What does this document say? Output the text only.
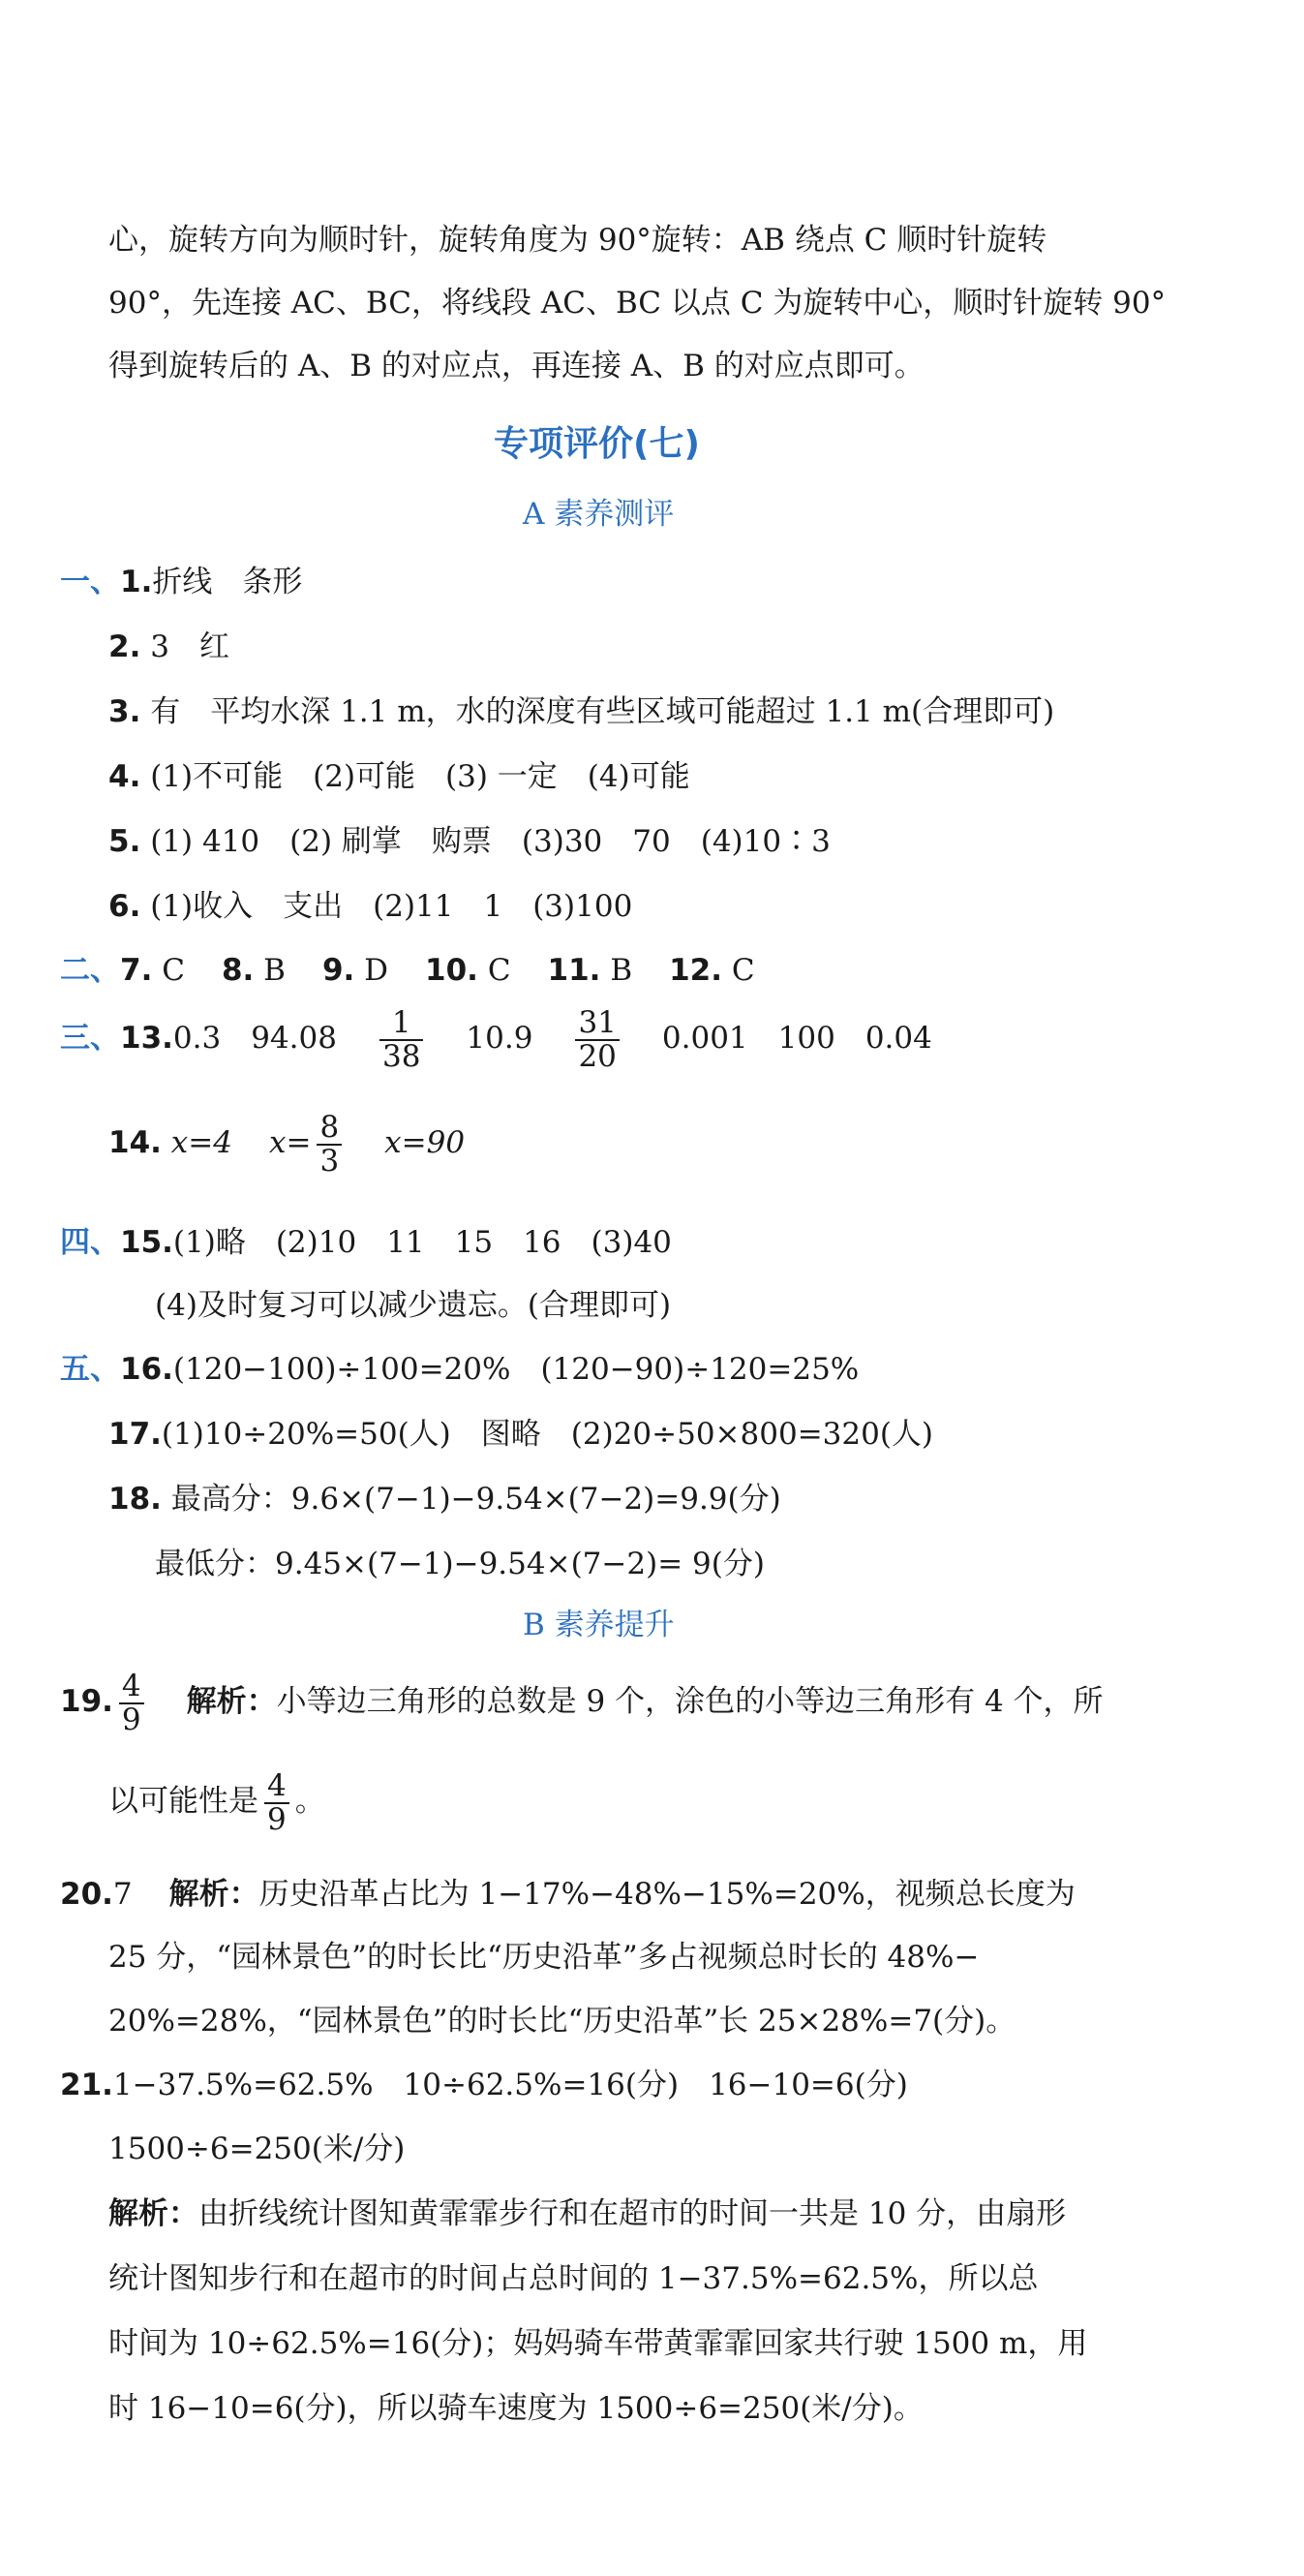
心，旋转方向为顺时针，旋转角度为 90°旋转：AB 绕点 C 顺时针旋转
90°，先连接 AC、BC，将线段 AC、BC 以点 C 为旋转中心，顺时针旋转 90°
得到旋转后的 A、B 的对应点，再连接 A、B 的对应点即可。
专项评价(七)
A 素养测评
一、1.折线　条形
2. 3　红
3. 有　平均水深 1.1 m，水的深度有些区域可能超过 1.1 m(合理即可)
4. (1)不可能　(2)可能　(3) 一定　(4)可能
5. (1) 410　(2) 刷掌　购票　(3)30　70　(4)10∶3
6. (1)收入　支出　(2)11　1　(3)100
二、7. C 8. B 9. D 10. C 11. B 12. C
三、13.0.3　$94.08 \frac{1}{38} 10.9 \frac{31}{20} 0.001$　100　0.04
14. x=4 $x= \frac{8}{3} x=90$
四、15.(1)略　(2)10　11　15　16　(3)40
(4)及时复习可以减少遗忘。(合理即可)
五、16.(120−100)÷100=20%　(120−90)÷120=25%
17.(1)10÷20%=50(人)　图略　(2)20÷50×800=320(人)
18. 最高分：9.6×(7−1)−9.54×(7−2)=9.9(分)
最低分：9.45×(7−1)−9.54×(7−2)= 9(分)
B 素养提升
19. $\frac{4}{9}$ 解析：小等边三角形的总数是 9 个，涂色的小等边三角形有 4 个，所
以可能性是 $\frac{4}{9}$ 。
20.7 解析：历史沿革占比为 1−17%−48%−15%=20%，视频总长度为
25 分，“园林景色”的时长比“历史沿革”多占视频总时长的 48%−
20%=28%，“园林景色”的时长比“历史沿革”长 25×28%=7(分)。
21.1−37.5%=62.5%　10÷62.5%=16(分)　16−10=6(分)
1500÷6=250(米/分)
解析：由折线统计图知黄霏霏步行和在超市的时间一共是 10 分，由扇形
统计图知步行和在超市的时间占总时间的 1−37.5%=62.5%，所以总
时间为 10÷62.5%=16(分)；妈妈骑车带黄霏霏回家共行驶 1500 m，用
时 16−10=6(分)，所以骑车速度为 1500÷6=250(米/分)。
